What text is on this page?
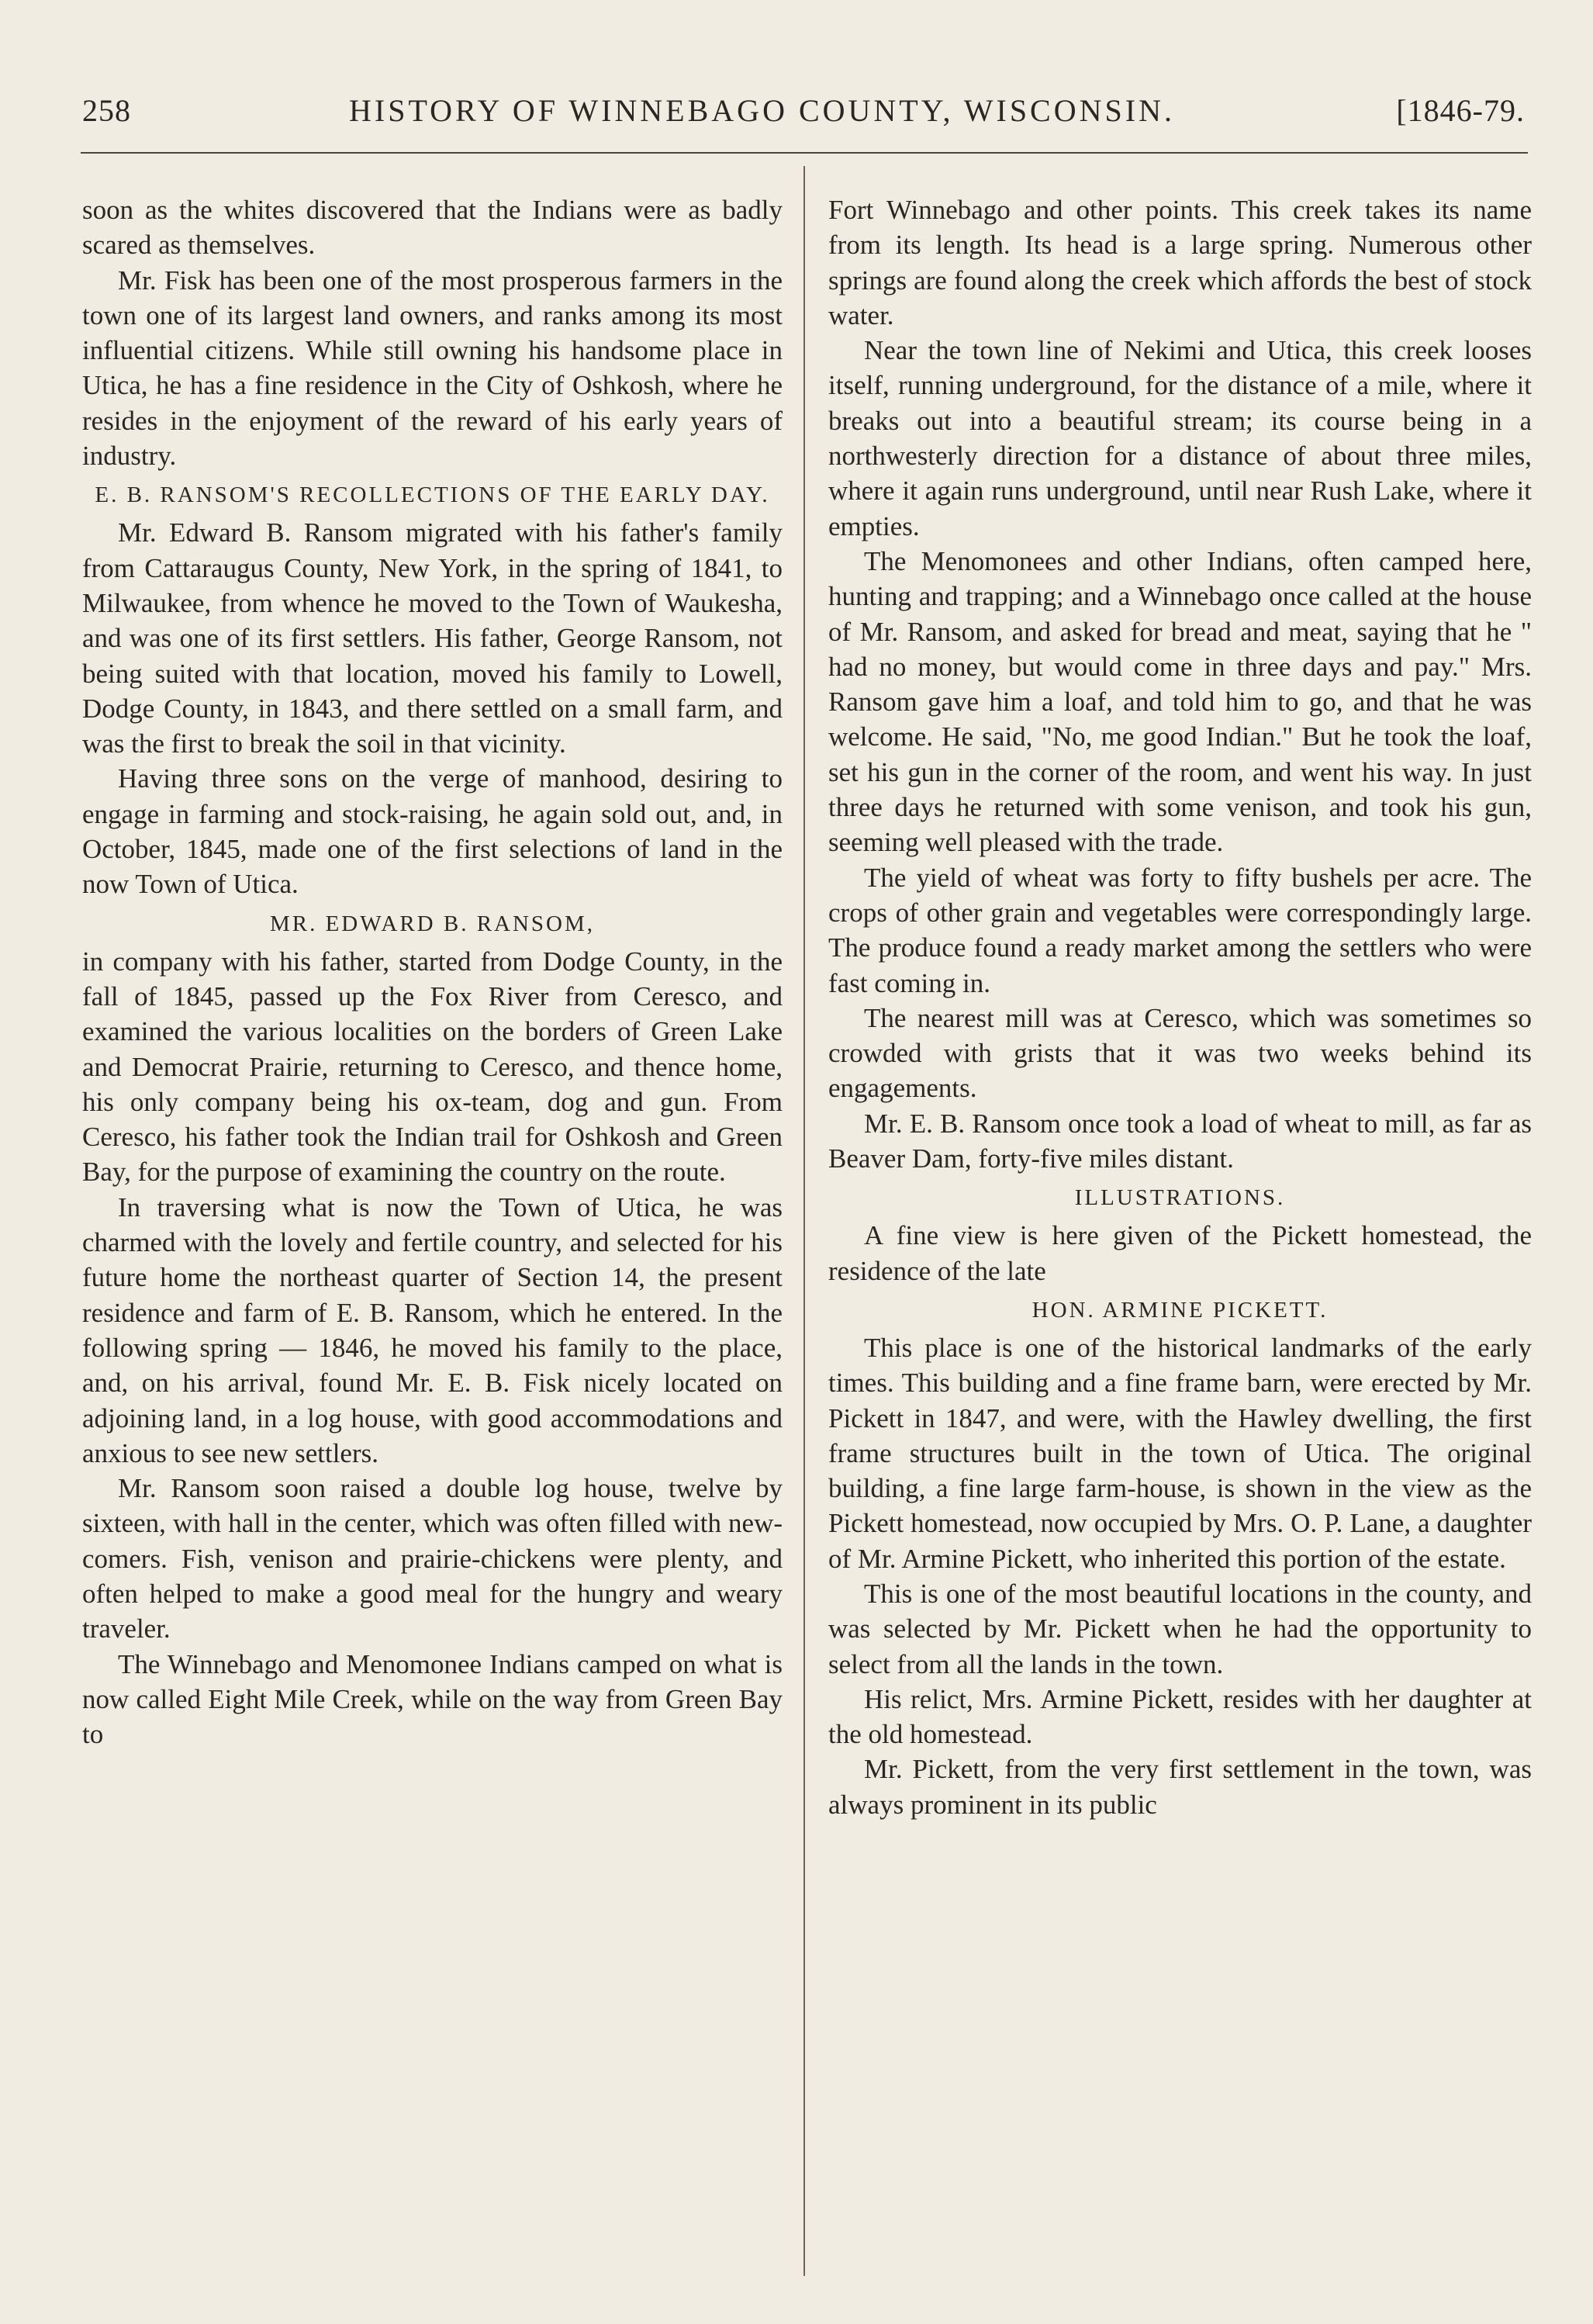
258	HISTORY OF WINNEBAGO COUNTY, WISCONSIN.	[1846-79.

soon as the whites discovered that the Indians were as badly scared as themselves.

Mr. Fisk has been one of the most prosperous farmers in the town one of its largest land owners, and ranks among its most influential citizens. While still owning his handsome place in Utica, he has a fine residence in the City of Oshkosh, where he resides in the enjoyment of the reward of his early years of industry.

E. B. RANSOM'S RECOLLECTIONS OF THE EARLY DAY.

Mr. Edward B. Ransom migrated with his father's family from Cattaraugus County, New York, in the spring of 1841, to Milwaukee, from whence he moved to the Town of Waukesha, and was one of its first settlers. His father, George Ransom, not being suited with that location, moved his family to Lowell, Dodge County, in 1843, and there settled on a small farm, and was the first to break the soil in that vicinity.

Having three sons on the verge of manhood, desiring to engage in farming and stock-raising, he again sold out, and, in October, 1845, made one of the first selections of land in the now Town of Utica.

MR. EDWARD B. RANSOM,

in company with his father, started from Dodge County, in the fall of 1845, passed up the Fox River from Ceresco, and examined the various localities on the borders of Green Lake and Democrat Prairie, returning to Ceresco, and thence home, his only company being his ox-team, dog and gun. From Ceresco, his father took the Indian trail for Oshkosh and Green Bay, for the purpose of examining the country on the route.

In traversing what is now the Town of Utica, he was charmed with the lovely and fertile country, and selected for his future home the northeast quarter of Section 14, the present residence and farm of E. B. Ransom, which he entered. In the following spring — 1846, he moved his family to the place, and, on his arrival, found Mr. E. B. Fisk nicely located on adjoining land, in a log house, with good accommodations and anxious to see new settlers.

Mr. Ransom soon raised a double log house, twelve by sixteen, with hall in the center, which was often filled with new-comers. Fish, venison and prairie-chickens were plenty, and often helped to make a good meal for the hungry and weary traveler.

The Winnebago and Menomonee Indians camped on what is now called Eight Mile Creek, while on the way from Green Bay to

Fort Winnebago and other points. This creek takes its name from its length. Its head is a large spring. Numerous other springs are found along the creek which affords the best of stock water.

Near the town line of Nekimi and Utica, this creek looses itself, running underground, for the distance of a mile, where it breaks out into a beautiful stream; its course being in a northwesterly direction for a distance of about three miles, where it again runs underground, until near Rush Lake, where it empties.

The Menomonees and other Indians, often camped here, hunting and trapping; and a Winnebago once called at the house of Mr. Ransom, and asked for bread and meat, saying that he " had no money, but would come in three days and pay." Mrs. Ransom gave him a loaf, and told him to go, and that he was welcome. He said, "No, me good Indian." But he took the loaf, set his gun in the corner of the room, and went his way. In just three days he returned with some venison, and took his gun, seeming well pleased with the trade.

The yield of wheat was forty to fifty bushels per acre. The crops of other grain and vegetables were correspondingly large. The produce found a ready market among the settlers who were fast coming in.

The nearest mill was at Ceresco, which was sometimes so crowded with grists that it was two weeks behind its engagements.

Mr. E. B. Ransom once took a load of wheat to mill, as far as Beaver Dam, forty-five miles distant.

ILLUSTRATIONS.

A fine view is here given of the Pickett homestead, the residence of the late

HON. ARMINE PICKETT.

This place is one of the historical landmarks of the early times. This building and a fine frame barn, were erected by Mr. Pickett in 1847, and were, with the Hawley dwelling, the first frame structures built in the town of Utica. The original building, a fine large farm-house, is shown in the view as the Pickett homestead, now occupied by Mrs. O. P. Lane, a daughter of Mr. Armine Pickett, who inherited this portion of the estate.

This is one of the most beautiful locations in the county, and was selected by Mr. Pickett when he had the opportunity to select from all the lands in the town.

His relict, Mrs. Armine Pickett, resides with her daughter at the old homestead.

Mr. Pickett, from the very first settlement in the town, was always prominent in its public
